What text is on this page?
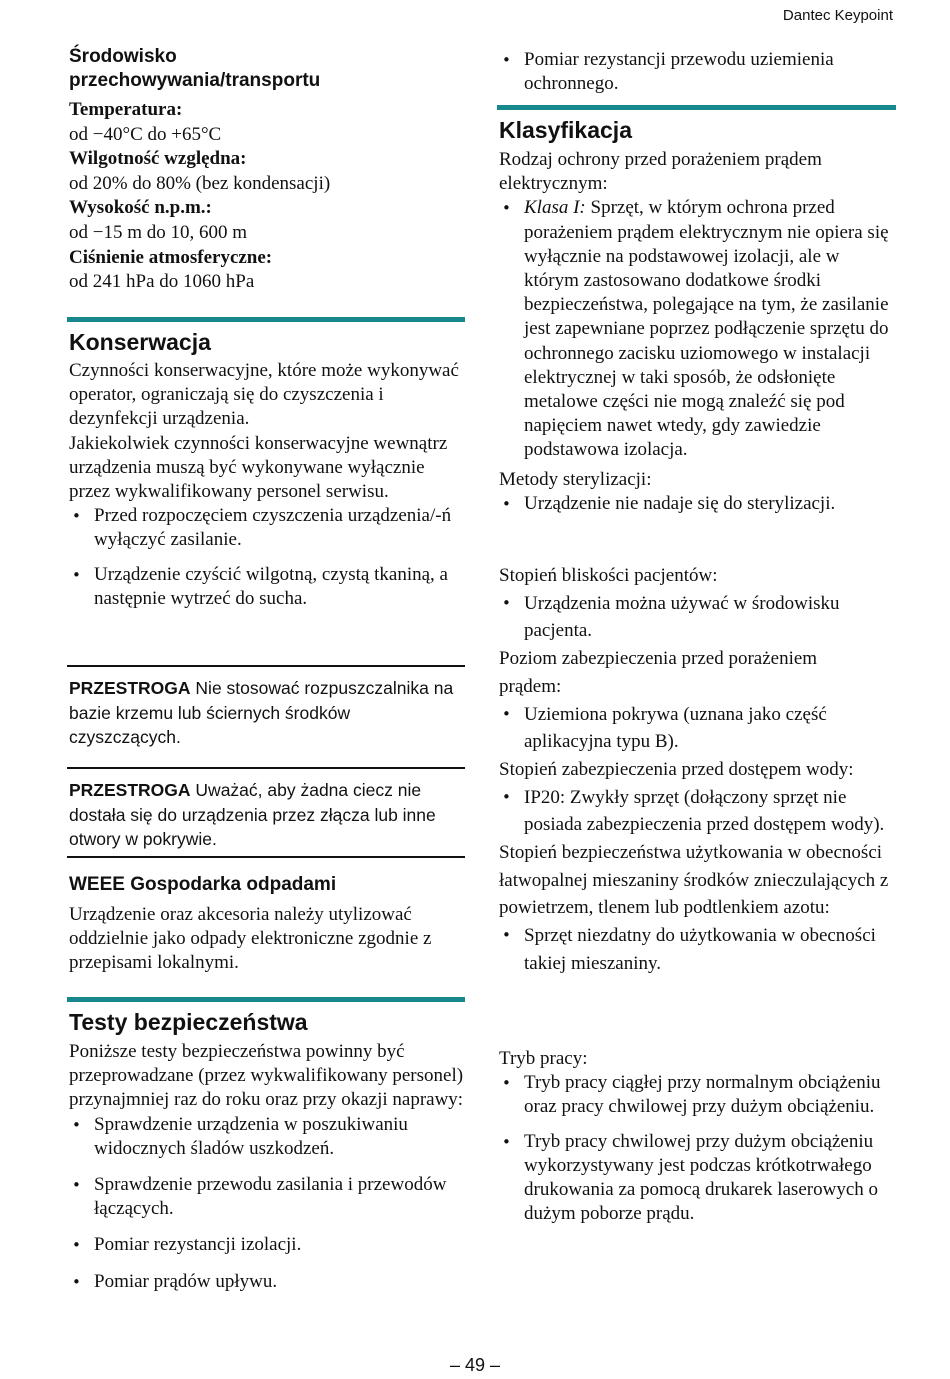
Dantec Keypoint
Środowisko przechowywania/transportu
Temperatura:
od −40°C do +65°C
Wilgotność względna:
od 20% do 80% (bez kondensacji)
Wysokość n.p.m.:
od −15 m do 10, 600 m
Ciśnienie atmosferyczne:
od 241 hPa do 1060 hPa
Konserwacja

Czynności konserwacyjne, które może wykonywać operator, ograniczają się do czyszczenia i dezynfekcji urządzenia.

Jakiekolwiek czynności konserwacyjne wewnątrz urządzenia muszą być wykonywane wyłącznie przez wykwalifikowany personel serwisu.

• Przed rozpoczęciem czyszczenia urządzenia/-ń wyłączyć zasilanie.
• Urządzenie czyścić wilgotną, czystą tkaniną, a następnie wytrzeć do sucha.
PRZESTROGA Nie stosować rozpuszczalnika na bazie krzemu lub ściernych środków czyszczących.
PRZESTROGA Uważać, aby żadna ciecz nie dostała się do urządzenia przez złącza lub inne otwory w pokrywie.
WEEE Gospodarka odpadami
Urządzenie oraz akcesoria należy utylizować oddzielnie jako odpady elektroniczne zgodnie z przepisami lokalnymi.
Testy bezpieczeństwa

Poniższe testy bezpieczeństwa powinny być przeprowadzane (przez wykwalifikowany personel) przynajmniej raz do roku oraz przy okazji naprawy:

• Sprawdzenie urządzenia w poszukiwaniu widocznych śladów uszkodzeń.
• Sprawdzenie przewodu zasilania i przewodów łączących.
• Pomiar rezystancji izolacji.
• Pomiar prądów upływu.
• Pomiar rezystancji przewodu uziemienia ochronnego.
Klasyfikacja

Rodzaj ochrony przed porażeniem prądem elektrycznym:

• Klasa I: Sprzęt, w którym ochrona przed porażeniem prądem elektrycznym nie opiera się wyłącznie na podstawowej izolacji, ale w którym zastosowano dodatkowe środki bezpieczeństwa, polegające na tym, że zasilanie jest zapewniane poprzez podłączenie sprzętu do ochronnego zacisku uziomowego w instalacji elektrycznej w taki sposób, że odsłonięte metalowe części nie mogą znaleźć się pod napięciem nawet wtedy, gdy zawiedzie podstawowa izolacja.

Metody sterylizacji:

• Urządzenie nie nadaje się do sterylizacji.

Stopień bliskości pacjentów:

• Urządzenia można używać w środowisku pacjenta.

Poziom zabezpieczenia przed porażeniem prądem:

• Uziemiona pokrywa (uznana jako część aplikacyjna typu B).

Stopień zabezpieczenia przed dostępem wody:

• IP20: Zwykły sprzęt (dołączony sprzęt nie posiada zabezpieczenia przed dostępem wody).

Stopień bezpieczeństwa użytkowania w obecności łatwopalnej mieszaniny środków znieczulających z powietrzem, tlenem lub podtlenkiem azotu:

• Sprzęt niezdatny do użytkowania w obecności takiej mieszaniny.

Tryb pracy:

• Tryb pracy ciągłej przy normalnym obciążeniu oraz pracy chwilowej przy dużym obciążeniu.
• Tryb pracy chwilowej przy dużym obciążeniu wykorzystywany jest podczas krótkotrwałego drukowania za pomocą drukarek laserowych o dużym poborze prądu.
– 49 –
